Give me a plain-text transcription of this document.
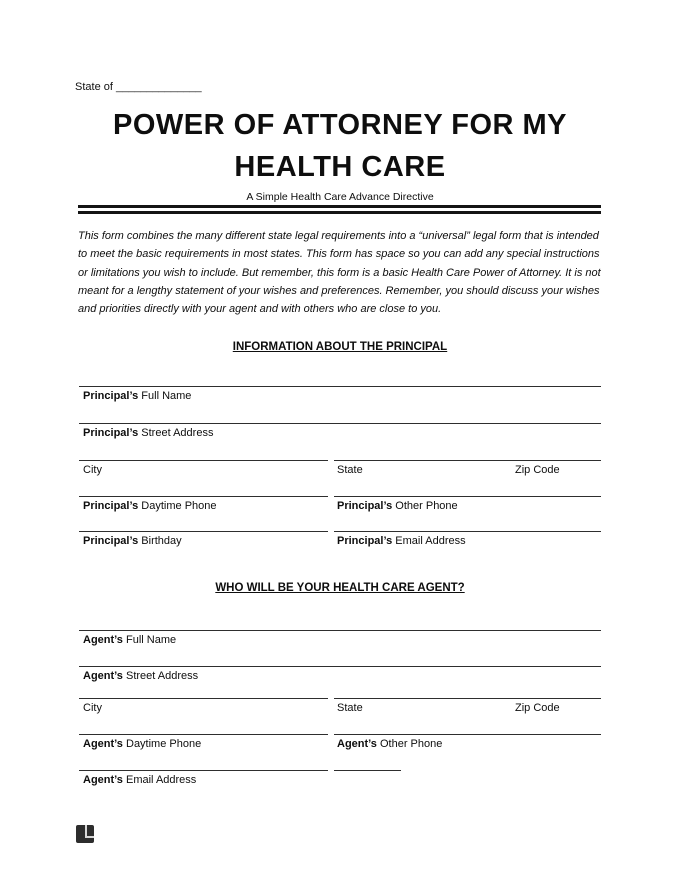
State of ______________
POWER OF ATTORNEY FOR MY
HEALTH CARE
A Simple Health Care Advance Directive
This form combines the many different state legal requirements into a “universal” legal form that is intended to meet the basic requirements in most states. This form has space so you can add any special instructions or limitations you wish to include. But remember, this form is a basic Health Care Power of Attorney. It is not meant for a lengthy statement of your wishes and preferences. Remember, you should discuss your wishes and priorities directly with your agent and with others who are close to you.
INFORMATION ABOUT THE PRINCIPAL
Principal’s Full Name
Principal’s Street Address
City	State	Zip Code
Principal’s Daytime Phone	Principal’s Other Phone
Principal’s Birthday	Principal’s Email Address
WHO WILL BE YOUR HEALTH CARE AGENT?
Agent’s Full Name
Agent’s Street Address
City	State	Zip Code
Agent’s Daytime Phone	Agent’s Other Phone
Agent’s Email Address
